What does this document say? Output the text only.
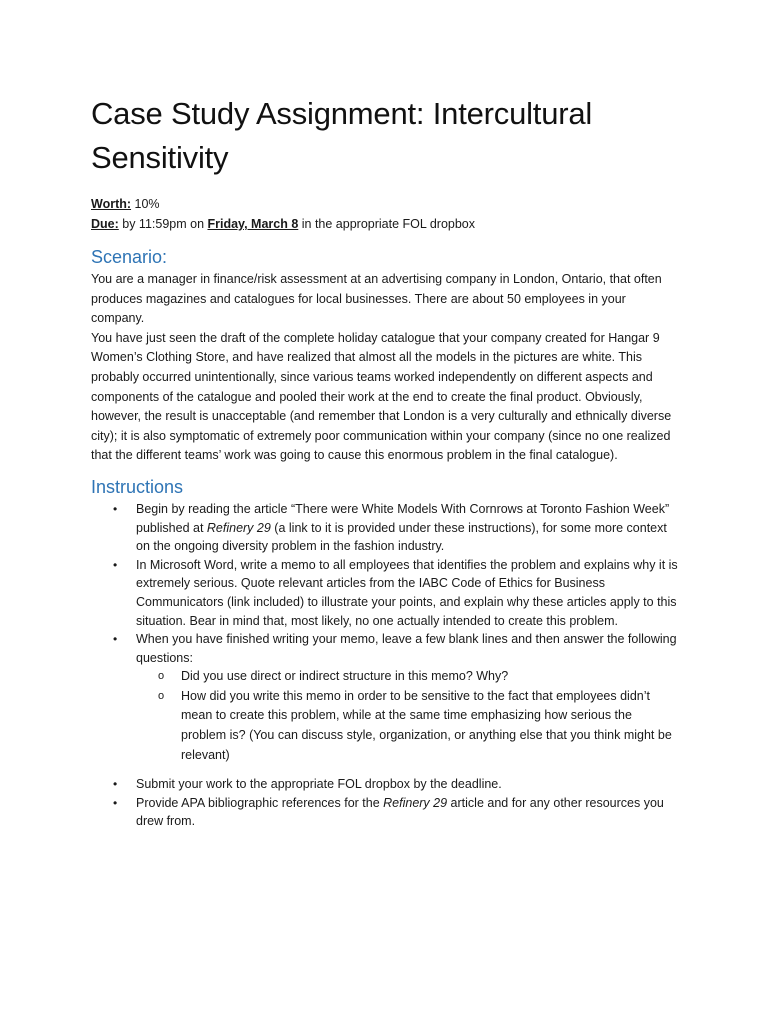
Case Study Assignment: Intercultural Sensitivity
Worth: 10%
Due: by 11:59pm on Friday, March 8 in the appropriate FOL dropbox
Scenario:

You are a manager in finance/risk assessment at an advertising company in London, Ontario, that often produces magazines and catalogues for local businesses. There are about 50 employees in your company.

You have just seen the draft of the complete holiday catalogue that your company created for Hangar 9 Women’s Clothing Store, and have realized that almost all the models in the pictures are white. This probably occurred unintentionally, since various teams worked independently on different aspects and components of the catalogue and pooled their work at the end to create the final product. Obviously, however, the result is unacceptable (and remember that London is a very culturally and ethnically diverse city); it is also symptomatic of extremely poor communication within your company (since no one realized that the different teams’ work was going to cause this enormous problem in the final catalogue).

Instructions
• Begin by reading the article “There were White Models With Cornrows at Toronto Fashion Week” published at Refinery 29 (a link to it is provided under these instructions), for some more context on the ongoing diversity problem in the fashion industry.
• In Microsoft Word, write a memo to all employees that identifies the problem and explains why it is extremely serious. Quote relevant articles from the IABC Code of Ethics for Business Communicators (link included) to illustrate your points, and explain why these articles apply to this situation. Bear in mind that, most likely, no one actually intended to create this problem.
• When you have finished writing your memo, leave a few blank lines and then answer the following questions:
o Did you use direct or indirect structure in this memo? Why?
o How did you write this memo in order to be sensitive to the fact that employees didn’t mean to create this problem, while at the same time emphasizing how serious the problem is? (You can discuss style, organization, or anything else that you think might be relevant)
• Submit your work to the appropriate FOL dropbox by the deadline.
• Provide APA bibliographic references for the Refinery 29 article and for any other resources you drew from.
